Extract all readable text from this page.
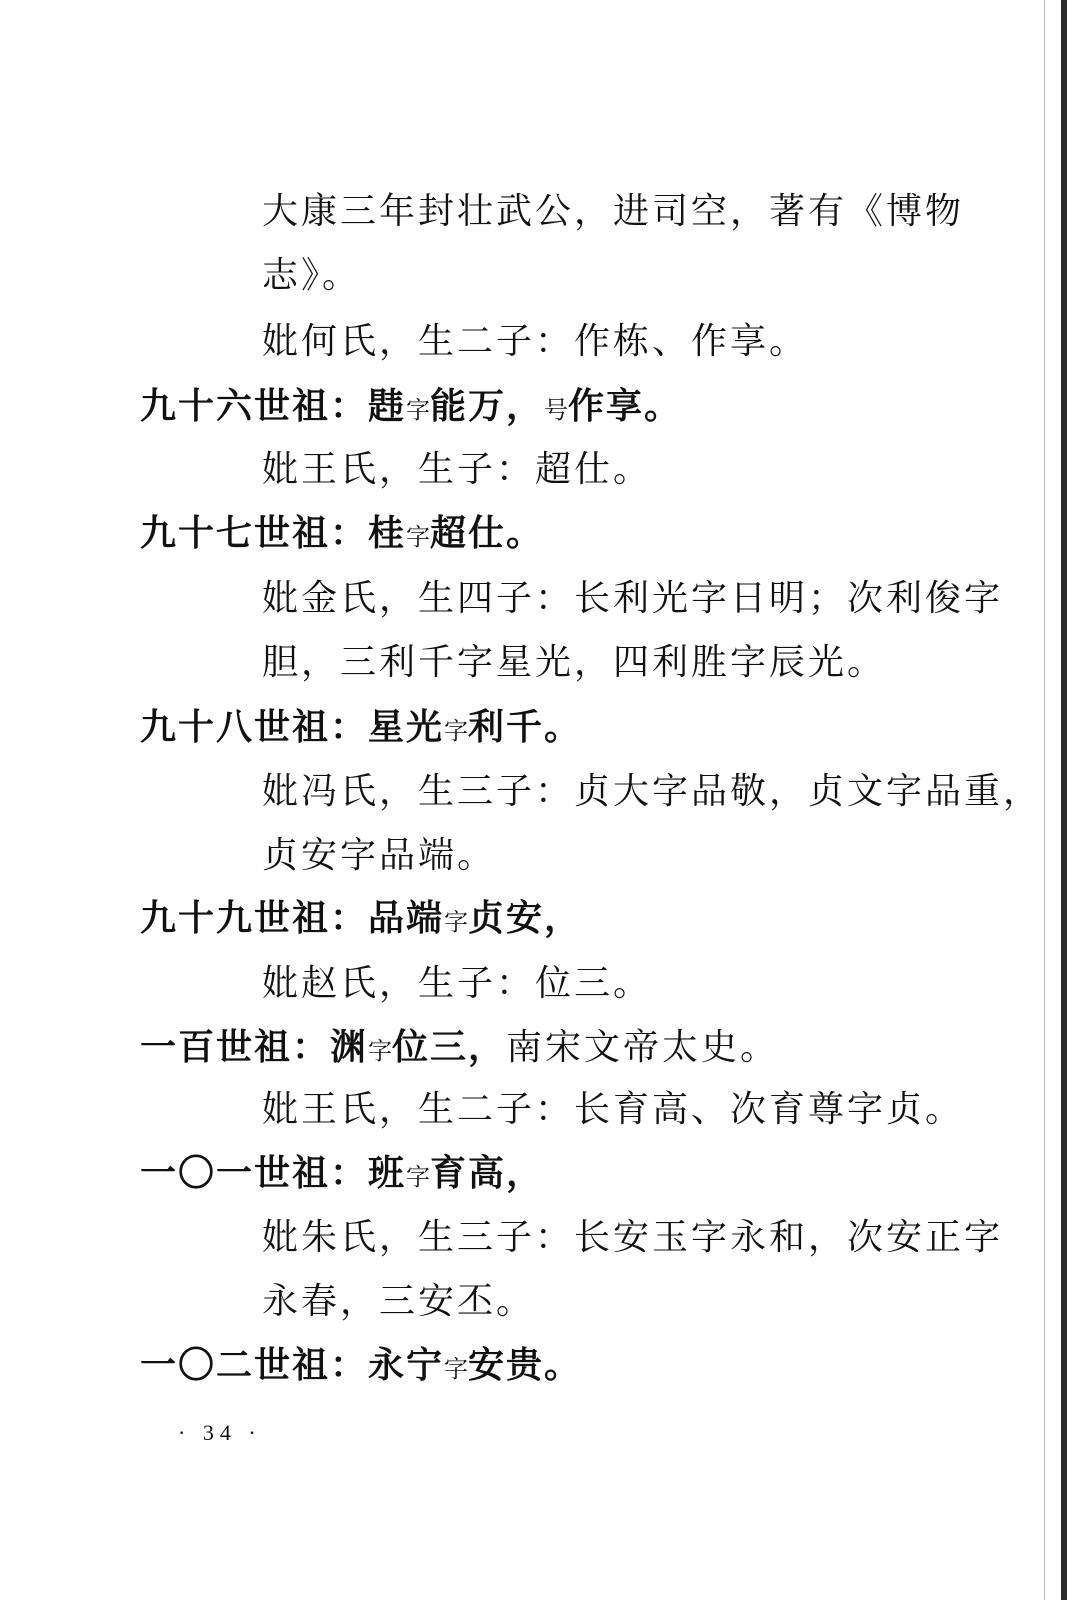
大康三年封壮武公，进司空，著有《博物
志》。
妣何氏，生二子：作栋、作享。
九十六世祖：韪字能万，号作享。
妣王氏，生子：超仕。
九十七世祖：桂字超仕。
妣金氏，生四子：长利光字日明；次利俊字
胆，三利千字星光，四利胜字辰光。
九十八世祖：星光字利千。
妣冯氏，生三子：贞大字品敬，贞文字品重，
贞安字品端。
九十九世祖：品端字贞安，
妣赵氏，生子：位三。
一百世祖：渊字位三，南宋文帝太史。
妣王氏，生二子：长育高、次育尊字贞。
一〇一世祖：班字育高，
妣朱氏，生三子：长安玉字永和，次安正字
永春，三安丕。
一〇二世祖：永宁字安贵。
· 34 ·
